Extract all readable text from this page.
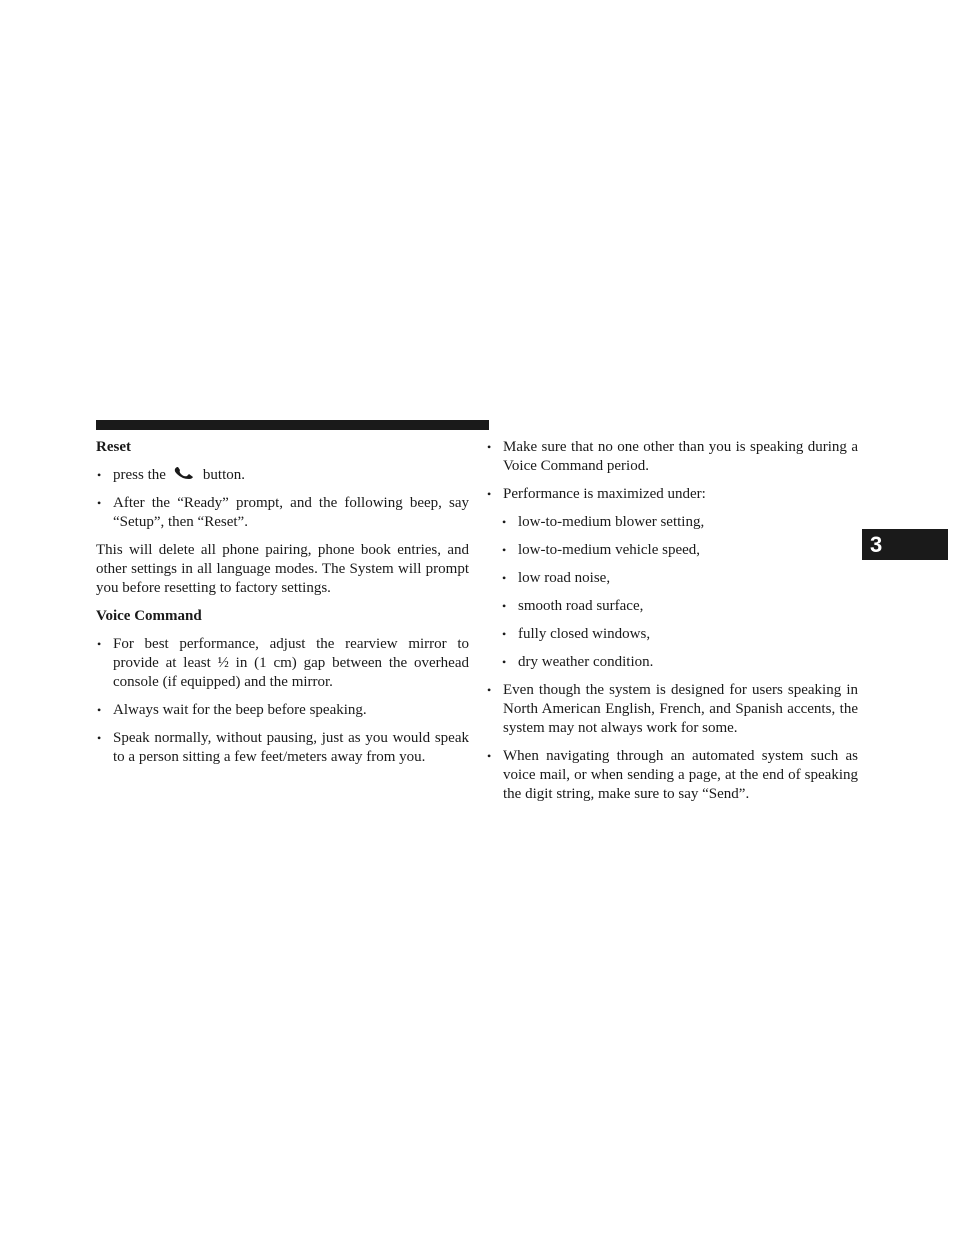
Reset
• press the button.
• After the “Ready” prompt, and the following beep, say “Setup”, then “Reset”.

This will delete all phone pairing, phone book entries, and other settings in all language modes. The System will prompt you before resetting to factory settings.

Voice Command
• For best performance, adjust the rearview mirror to provide at least ½ in (1 cm) gap between the overhead console (if equipped) and the mirror.
• Always wait for the beep before speaking.
• Speak normally, without pausing, just as you would speak to a person sitting a few feet/meters away from you.
• Make sure that no one other than you is speaking during a Voice Command period.
• Performance is maximized under:
• low-to-medium blower setting,
• low-to-medium vehicle speed,
• low road noise,
• smooth road surface,
• fully closed windows,
• dry weather condition.
• Even though the system is designed for users speaking in North American English, French, and Spanish accents, the system may not always work for some.
• When navigating through an automated system such as voice mail, or when sending a page, at the end of speaking the digit string, make sure to say “Send”.
3
